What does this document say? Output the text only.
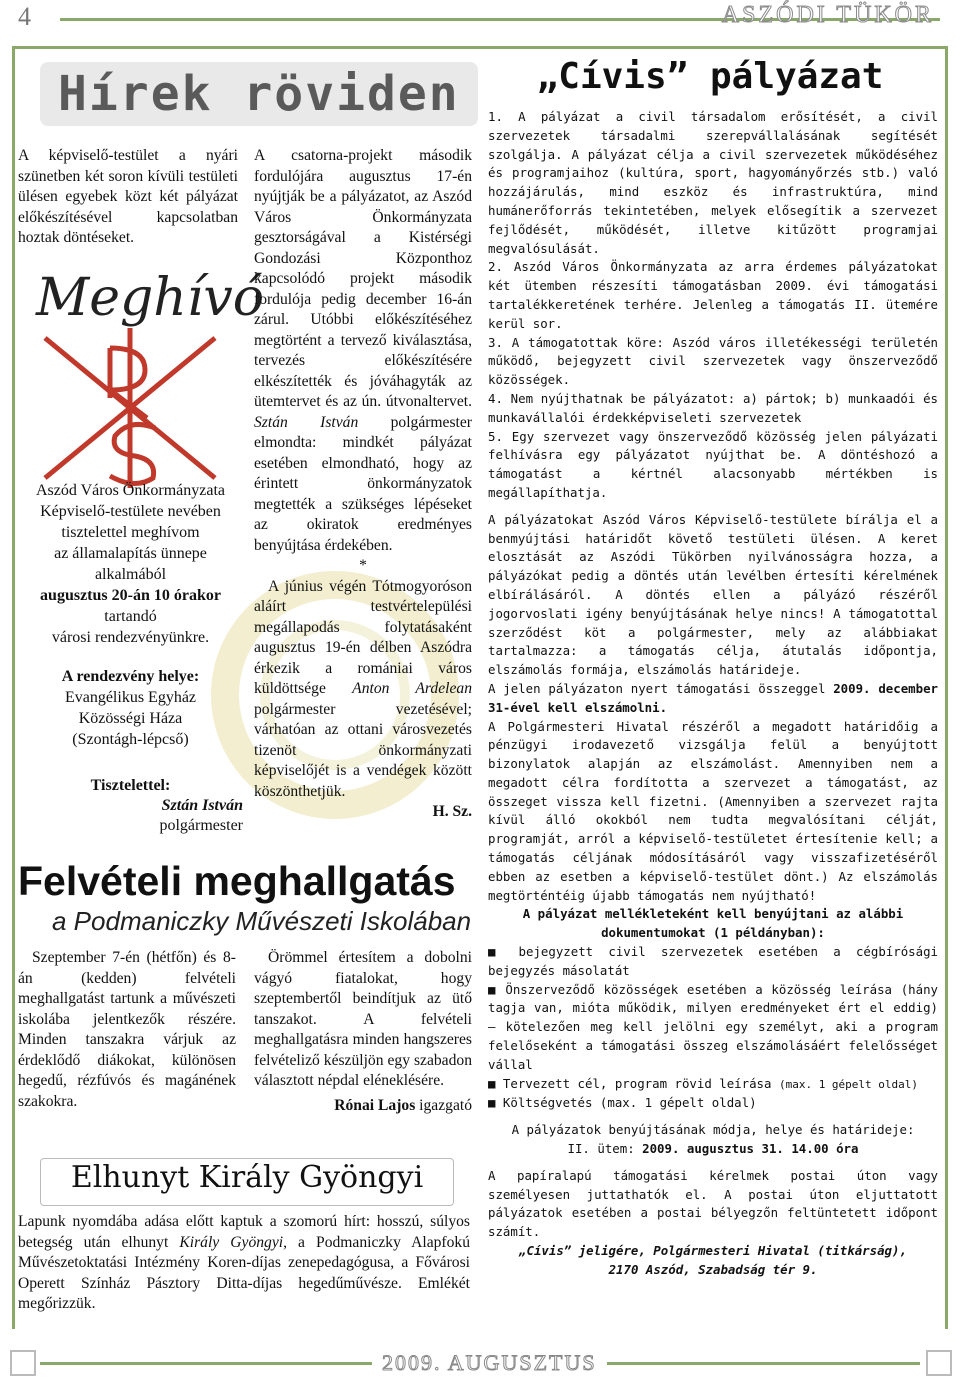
4	ASZÓDI TÜKÖR
Hírek röviden
A képviselő-testület a nyári szünetben két soron kívüli testületi ülésen egyebek közt két pályázat előkészítésével kapcsolatban hoztak döntéseket.
Meghívó
Aszód Város Önkormányzata
Képviselő-testülete nevében
tisztelettel meghívom
az államalapítás ünnepe
alkalmából
augusztus 20-án 10 órakor
tartandó
városi rendezvényünkre.
A rendezvény helye:
Evangélikus Egyház
Közösségi Háza
(Szontágh-lépcső)
Tisztelettel:
Sztán István
polgármester
A csatorna-projekt második fordulójára augusztus 17-én nyújtják be a pályázatot, az Aszód Város Önkormányzata gesztorságával a Kistérségi Gondozási Központhoz kapcsolódó projekt második fordulója pedig december 16-án zárul. Utóbbi előkészítéséhez megtörtént a tervező kiválasztása, tervezés előkészítésére elkészítették és jóváhagyták az ütemtervet és az ún. útvonaltervet. Sztán István polgármester elmondta: mindkét pályázat esetében elmondható, hogy az érintett önkormányzatok megtették a szükséges lépéseket az okiratok eredményes benyújtása érdekében.
*
A június végén Tótmogyoróson aláírt testvértelepülési megállapodás folytatásaként augusztus 19-én délben Aszódra érkezik a romániai város küldöttsége Anton Ardelean polgármester vezetésével; várhatóan az ottani városvezetés tizenöt önkormányzati képviselőjét is a vendégek között köszönthetjük.
H. Sz.
Felvételi meghallgatás
a Podmaniczky Művészeti Iskolában
Szeptember 7-én (hétfőn) és 8-án (kedden) felvételi meghallgatást tartunk a művészeti iskolába jelentkezők részére. Minden tanszakra várjuk az érdeklődő diákokat, különösen hegedű, rézfúvós és magánének szakokra.
Örömmel értesítem a dobolni vágyó fiatalokat, hogy szeptembertől beindítjuk az ütő tanszakot. A felvételi meghallgatásra minden hangszeres felvételiző készüljön egy szabadon választott népdal eléneklésére.
Rónai Lajos igazgató
Elhunyt Király Gyöngyi
Lapunk nyomdába adása előtt kaptuk a szomorú hírt: hosszú, súlyos betegség után elhunyt Király Gyöngyi, a Podmaniczky Alapfokú Művészetoktatási Intézmény Koren-díjas zenepedagógusa, a Fővárosi Operett Színház Pásztory Ditta-díjas hegedűművésze. Emlékét megőrizzük.
„Cívis” pályázat
1. A pályázat a civil társadalom erősítését, a civil szervezetek társadalmi szerepvállalásának segítését szolgálja. A pályázat célja a civil szervezetek működéséhez és programjaihoz (kultúra, sport, hagyományőrzés stb.) való hozzájárulás, mind eszköz és infrastruktúra, mind humánerőforrás tekintetében, melyek elősegítik a szervezet fejlődését, működését, illetve kitűzött programjai megvalósulását.
2. Aszód Város Önkormányzata az arra érdemes pályázatokat két ütemben részesíti támogatásban 2009. évi támogatási tartalékkeretének terhére. Jelenleg a támogatás II. ütemére kerül sor.
3. A támogatottak köre: Aszód város illetékességi területén működő, bejegyzett civil szervezetek vagy önszerveződő közösségek.
4. Nem nyújthatnak be pályázatot: a) pártok; b) munkaadói és munkavállalói érdekképviseleti szervezetek
5. Egy szervezet vagy önszerveződő közösség jelen pályázati felhívásra egy pályázatot nyújthat be. A döntéshozó a támogatást a kértnél alacsonyabb mértékben is megállapíthatja.
A pályázatokat Aszód Város Képviselő-testülete bírálja el a benmyújtási határidőt követő testületi ülésen. A keret elosztását az Aszódi Tükörben nyilvánosságra hozza, a pályázókat pedig a döntés után levélben értesíti kérelmének elbírálásáról. A döntés ellen a pályázó részéről jogorvoslati igény benyújtásának helye nincs! A támogatottal szerződést köt a polgármester, mely az alábbiakat tartalmazza: a támogatás célja, átutalás időpontja, elszámolás formája, elszámolás határideje.
A jelen pályázaton nyert támogatási összeggel 2009. december 31-ével kell elszámolni.
A Polgármesteri Hivatal részéről a megadott határidőig a pénzügyi irodavezető vizsgálja felül a benyújtott bizonylatok alapján az elszámolást. Amennyiben nem a megadott célra fordította a szervezet a támogatást, az összeget vissza kell fizetni. (Amennyiben a szervezet rajta kívül álló okokból nem tudta megvalósítani célját, programját, arról a képviselő-testületet értesítenie kell; a támogatás céljának módosításáról vagy visszafizetéséről ebben az esetben a képviselő-testület dönt.) Az elszámolás megtörténtéig újabb támogatás nem nyújtható!
A pályázat mellékleteként kell benyújtani az alábbi dokumentumokat (1 példányban):
■ bejegyzett civil szervezetek esetében a cégbírósági bejegyzés másolatát
■ Önszerveződő közösségek esetében a közösség leírása (hány tagja van, mióta működik, milyen eredményeket ért el eddig) – kötelezően meg kell jelölni egy személyt, aki a program felelőseként a támogatási összeg elszámolásáért felelősséget vállal
■ Tervezett cél, program rövid leírása (max. 1 gépelt oldal)
■ Költségvetés (max. 1 gépelt oldal)
A pályázatok benyújtásának módja, helye és határideje:
II. ütem: 2009. augusztus 31. 14.00 óra
A papíralapú támogatási kérelmek postai úton vagy személyesen juttathatók el. A postai úton eljuttatott pályázatok esetében a postai bélyegzőn feltüntetett időpont számít.
„Cívis” jeligére, Polgármesteri Hivatal (titkárság),
2170 Aszód, Szabadság tér 9.
2009. AUGUSZTUS
